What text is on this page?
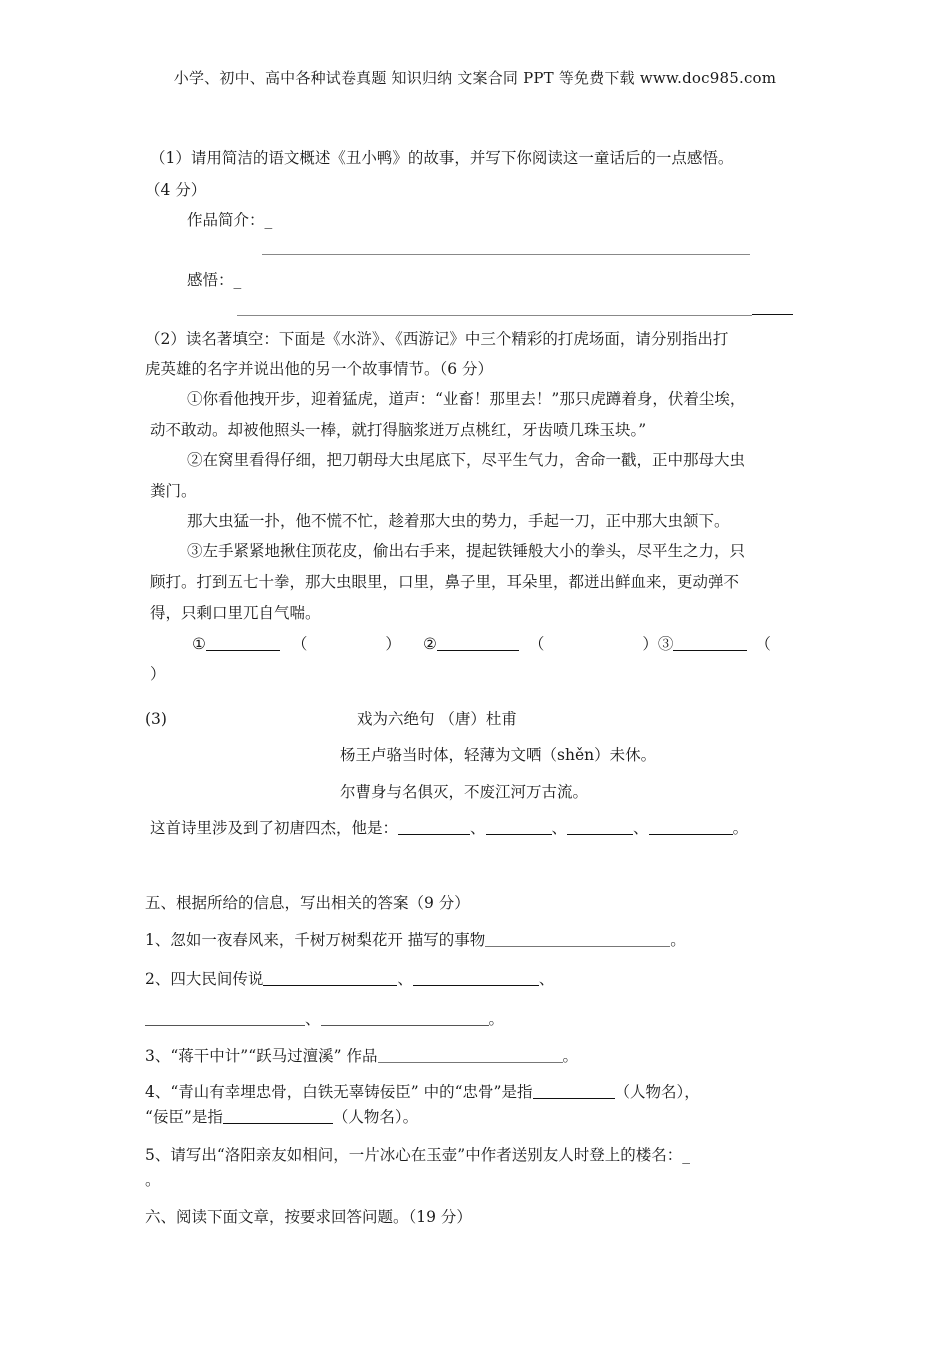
小学、初中、高中各种试卷真题 知识归纳 文案合同 PPT 等免费下载 www.doc985.com
（1）请用简洁的语文概述《丑小鸭》的故事，并写下你阅读这一童话后的一点感悟。
（4 分）
作品简介：_
感悟：_
（2）读名著填空：下面是《水浒》、《西游记》中三个精彩的打虎场面，请分别指出打
虎英雄的名字并说出他的另一个故事情节。（6 分）
①你看他拽开步，迎着猛虎，道声：“业畜！那里去！”那只虎蹲着身，伏着尘埃，
动不敢动。却被他照头一棒，就打得脑浆迸万点桃红，牙齿喷几珠玉块。”
②在窝里看得仔细，把刀朝母大虫尾底下，尽平生气力，舍命一戳，正中那母大虫
粪门。
那大虫猛一扑，他不慌不忙，趁着那大虫的势力，手起一刀，正中那大虫颔下。
③左手紧紧地揪住顶花皮，偷出右手来，提起铁锤般大小的拳头，尽平生之力，只
顾打。打到五七十拳，那大虫眼里，口里，鼻子里，耳朵里，都迸出鲜血来，更动弹不
得，只剩口里兀自气喘。
①	（	） ②	（	）③	（
）
(3)	戏为六绝句 （唐）杜甫
杨王卢骆当时体，轻薄为文哂（shěn）未休。
尔曹身与名俱灭，不废江河万古流。
这首诗里涉及到了初唐四杰，他是：	、	、	、	。
五、根据所给的信息，写出相关的答案（9 分）
1、忽如一夜春风来，千树万树梨花开 描写的事物	。
2、四大民间传说	、	、
、	。
3、“蒋干中计”“跃马过澶溪” 作品	。
4、“青山有幸埋忠骨，白铁无辜铸佞臣” 中的“忠骨”是指	（人物名），
“佞臣”是指	（人物名）。
5、请写出“洛阳亲友如相问，一片冰心在玉壶”中作者送别友人时登上的楼名：_
。
六、阅读下面文章，按要求回答问题。（19 分）
